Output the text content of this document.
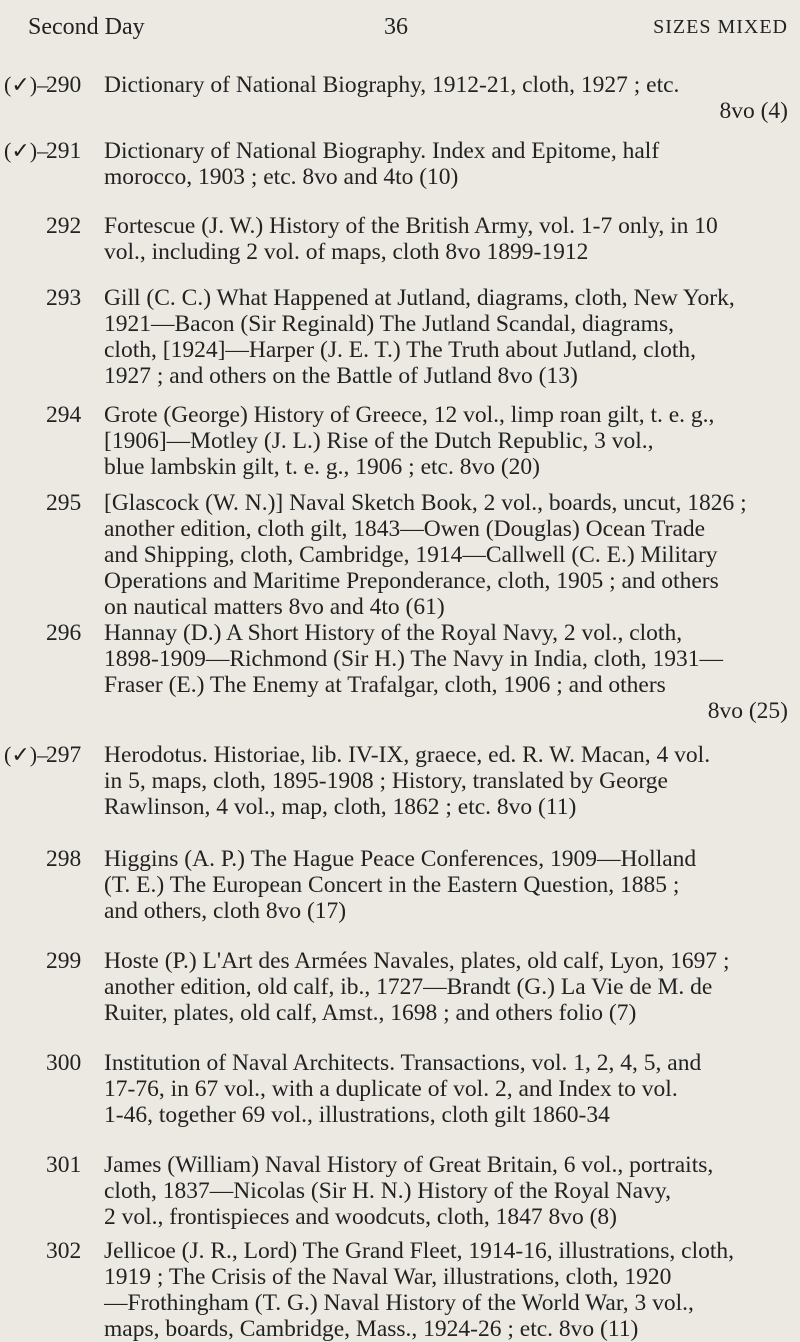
Second Day	36	SIZES MIXED
(✓)–
290 Dictionary of National Biography, 1912-21, cloth, 1927 ; etc.
8vo (4)
(✓)–
291 Dictionary of National Biography. Index and Epitome, half
morocco, 1903 ; etc. 8vo and 4to (10)
292 Fortescue (J. W.) History of the British Army, vol. 1-7 only, in 10
vol., including 2 vol. of maps, cloth 8vo 1899-1912
293 Gill (C. C.) What Happened at Jutland, diagrams, cloth, New York,
1921—Bacon (Sir Reginald) The Jutland Scandal, diagrams,
cloth, [1924]—Harper (J. E. T.) The Truth about Jutland, cloth,
1927 ; and others on the Battle of Jutland 8vo (13)
294 Grote (George) History of Greece, 12 vol., limp roan gilt, t. e. g.,
[1906]—Motley (J. L.) Rise of the Dutch Republic, 3 vol.,
blue lambskin gilt, t. e. g., 1906 ; etc. 8vo (20)
295 [Glascock (W. N.)] Naval Sketch Book, 2 vol., boards, uncut, 1826 ;
another edition, cloth gilt, 1843—Owen (Douglas) Ocean Trade
and Shipping, cloth, Cambridge, 1914—Callwell (C. E.) Military
Operations and Maritime Preponderance, cloth, 1905 ; and others
on nautical matters 8vo and 4to (61)
296 Hannay (D.) A Short History of the Royal Navy, 2 vol., cloth,
1898-1909—Richmond (Sir H.) The Navy in India, cloth, 1931—
Fraser (E.) The Enemy at Trafalgar, cloth, 1906 ; and others
8vo (25)
(✓)–
297 Herodotus. Historiae, lib. IV-IX, graece, ed. R. W. Macan, 4 vol.
in 5, maps, cloth, 1895-1908 ; History, translated by George
Rawlinson, 4 vol., map, cloth, 1862 ; etc. 8vo (11)
298 Higgins (A. P.) The Hague Peace Conferences, 1909—Holland
(T. E.) The European Concert in the Eastern Question, 1885 ;
and others, cloth 8vo (17)
299 Hoste (P.) L'Art des Armées Navales, plates, old calf, Lyon, 1697 ;
another edition, old calf, ib., 1727—Brandt (G.) La Vie de M. de
Ruiter, plates, old calf, Amst., 1698 ; and others folio (7)
300 Institution of Naval Architects. Transactions, vol. 1, 2, 4, 5, and
17-76, in 67 vol., with a duplicate of vol. 2, and Index to vol.
1-46, together 69 vol., illustrations, cloth gilt 1860-34
301 James (William) Naval History of Great Britain, 6 vol., portraits,
cloth, 1837—Nicolas (Sir H. N.) History of the Royal Navy,
2 vol., frontispieces and woodcuts, cloth, 1847 8vo (8)
302 Jellicoe (J. R., Lord) The Grand Fleet, 1914-16, illustrations, cloth,
1919 ; The Crisis of the Naval War, illustrations, cloth, 1920
—Frothingham (T. G.) Naval History of the World War, 3 vol.,
maps, boards, Cambridge, Mass., 1924-26 ; etc. 8vo (11)
